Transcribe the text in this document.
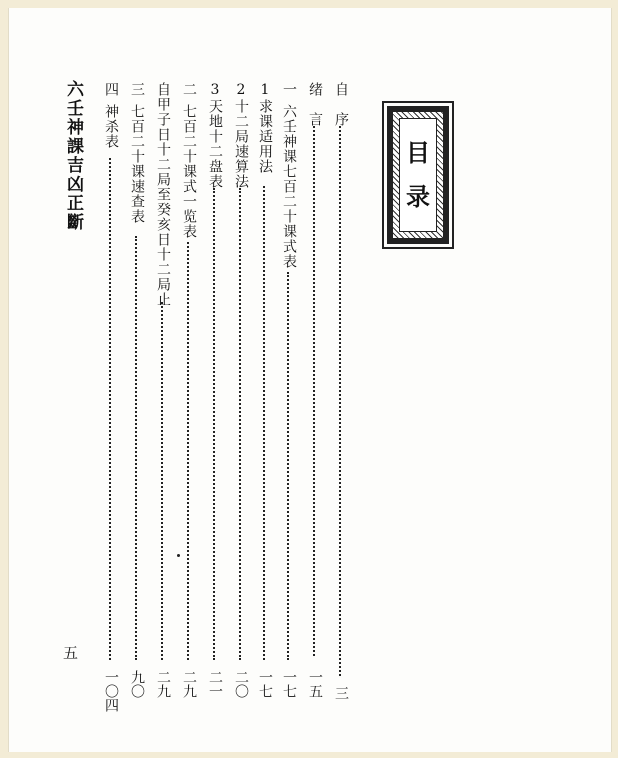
六壬神課吉凶正斷
五
目
录
自　序
三
绪　言
一五
一
六壬神课七百二十课式表
一七
1求课适用法
一七
2十二局速算法
二〇
3天地十二盘表
二一
二
七百二十课式一览表
二九
自甲子日十二局至癸亥日十二局止
二九
三
七百二十课速查表
九〇
四
神杀表
一〇四
